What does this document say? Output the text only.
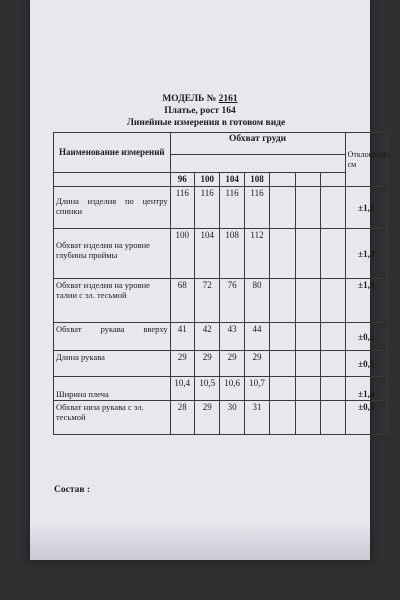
МОДЕЛЬ № 2161
Платье, рост 164
Линейные измерения в готовом виде
Наименование измерений	Обхват груди							Отклонение, см

	96	100	104	108				

Длина изделия по центру спинки	116	116	116	116				±1,0

Обхват изделия на уровне глубины проймы	100	104	108	112				±1,0
Обхват изделия на уровне талии с эл. тесьмой	68	72	76	80				±1,0

Обхват рукава вверху	41	42	43	44				±0,5
Длина рукава	29	29	29	29				±0,5
Ширина плеча	10,4	10,5	10,6	10,7				±1,0
Обхват низа рукава с эл. тесьмой	28	29	30	31				±0,5
Состав :
